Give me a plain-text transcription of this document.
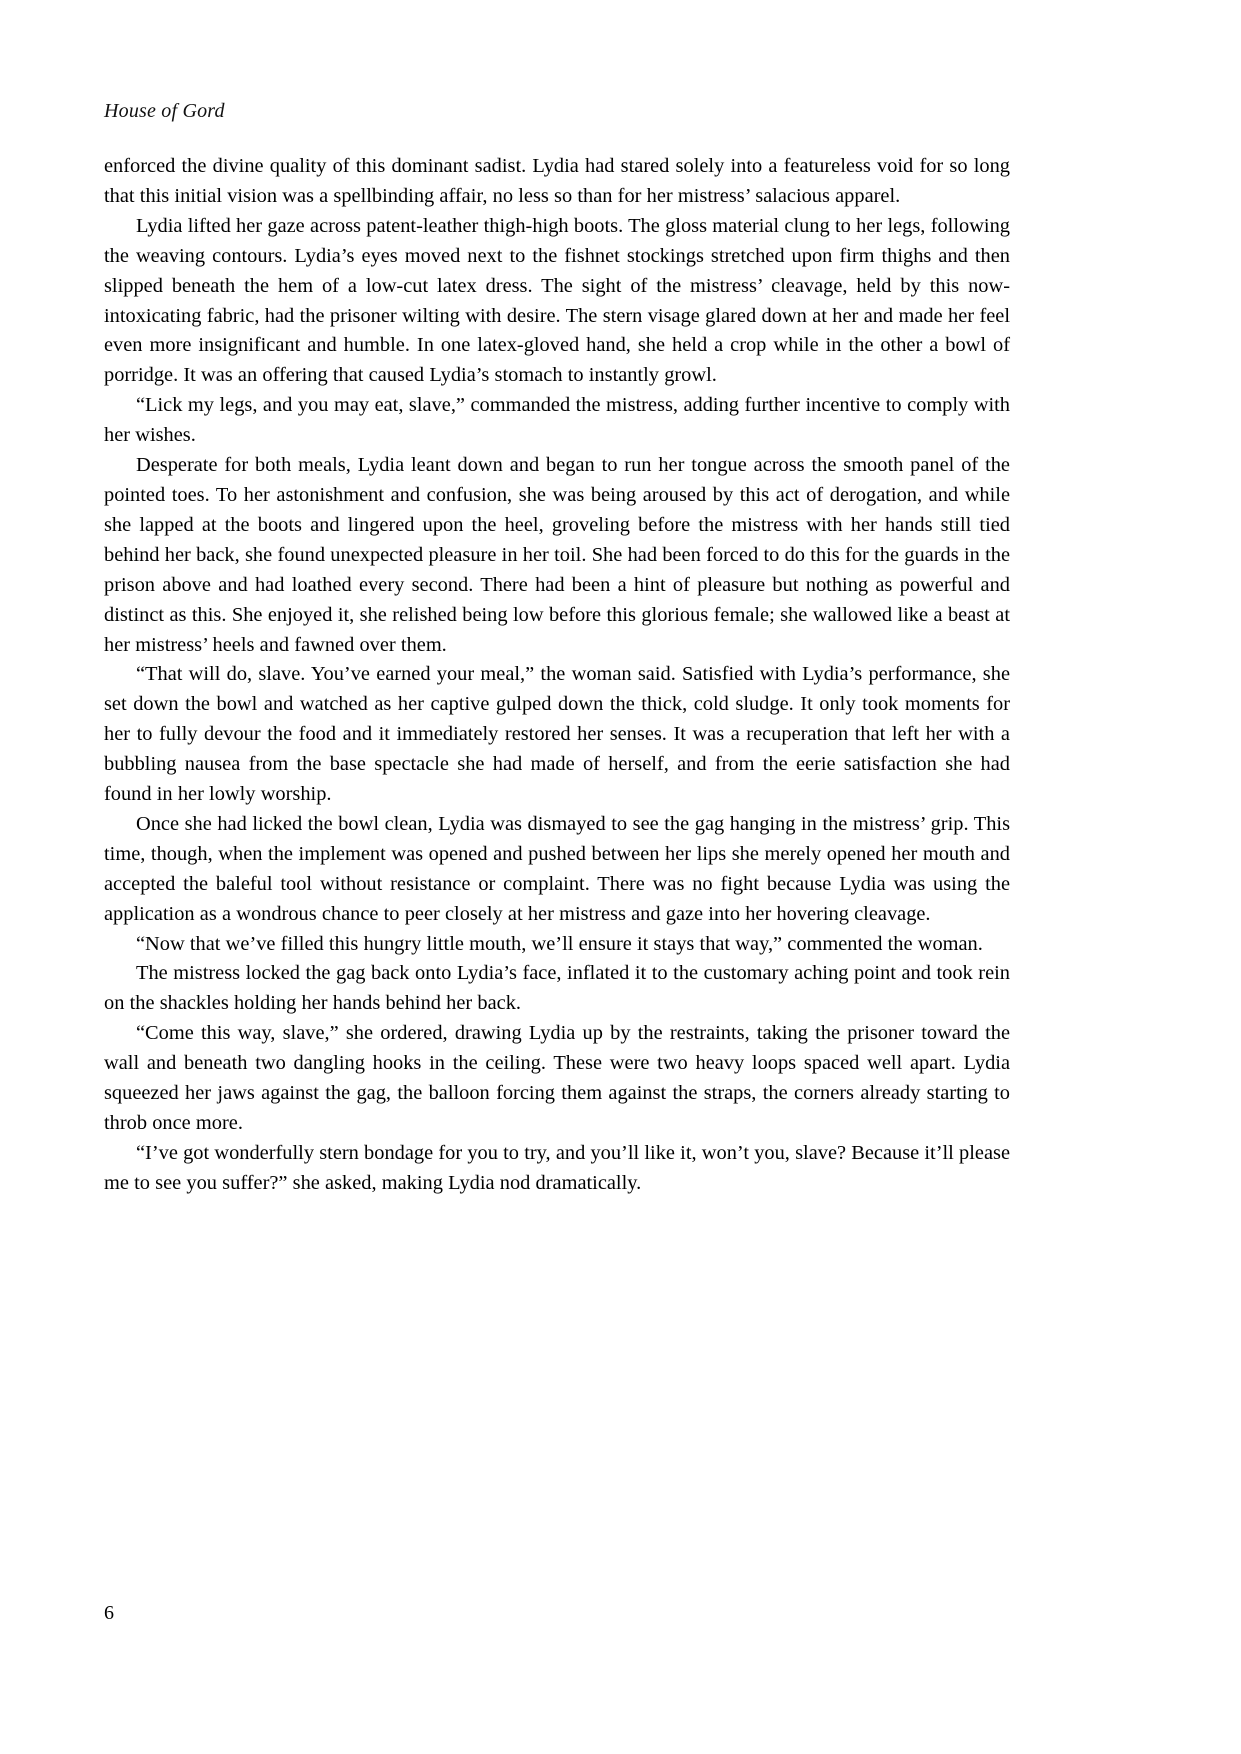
House of Gord

enforced the divine quality of this dominant sadist. Lydia had stared solely into a featureless void for so long that this initial vision was a spellbinding affair, no less so than for her mistress’ salacious apparel.

Lydia lifted her gaze across patent-leather thigh-high boots. The gloss material clung to her legs, following the weaving contours. Lydia’s eyes moved next to the fishnet stockings stretched upon firm thighs and then slipped beneath the hem of a low-cut latex dress. The sight of the mistress’ cleavage, held by this now-intoxicating fabric, had the prisoner wilting with desire. The stern visage glared down at her and made her feel even more insignificant and humble. In one latex-gloved hand, she held a crop while in the other a bowl of porridge. It was an offering that caused Lydia’s stomach to instantly growl.

“Lick my legs, and you may eat, slave,” commanded the mistress, adding further incentive to comply with her wishes.

Desperate for both meals, Lydia leant down and began to run her tongue across the smooth panel of the pointed toes. To her astonishment and confusion, she was being aroused by this act of derogation, and while she lapped at the boots and lingered upon the heel, groveling before the mistress with her hands still tied behind her back, she found unexpected pleasure in her toil. She had been forced to do this for the guards in the prison above and had loathed every second. There had been a hint of pleasure but nothing as powerful and distinct as this. She enjoyed it, she relished being low before this glorious female; she wallowed like a beast at her mistress’ heels and fawned over them.

“That will do, slave. You’ve earned your meal,” the woman said. Satisfied with Lydia’s performance, she set down the bowl and watched as her captive gulped down the thick, cold sludge. It only took moments for her to fully devour the food and it immediately restored her senses. It was a recuperation that left her with a bubbling nausea from the base spectacle she had made of herself, and from the eerie satisfaction she had found in her lowly worship.

Once she had licked the bowl clean, Lydia was dismayed to see the gag hanging in the mistress’ grip. This time, though, when the implement was opened and pushed between her lips she merely opened her mouth and accepted the baleful tool without resistance or complaint. There was no fight because Lydia was using the application as a wondrous chance to peer closely at her mistress and gaze into her hovering cleavage.

“Now that we’ve filled this hungry little mouth, we’ll ensure it stays that way,” commented the woman.

The mistress locked the gag back onto Lydia’s face, inflated it to the customary aching point and took rein on the shackles holding her hands behind her back.

“Come this way, slave,” she ordered, drawing Lydia up by the restraints, taking the prisoner toward the wall and beneath two dangling hooks in the ceiling. These were two heavy loops spaced well apart. Lydia squeezed her jaws against the gag, the balloon forcing them against the straps, the corners already starting to throb once more.

“I’ve got wonderfully stern bondage for you to try, and you’ll like it, won’t you, slave? Because it’ll please me to see you suffer?” she asked, making Lydia nod dramatically.

6
